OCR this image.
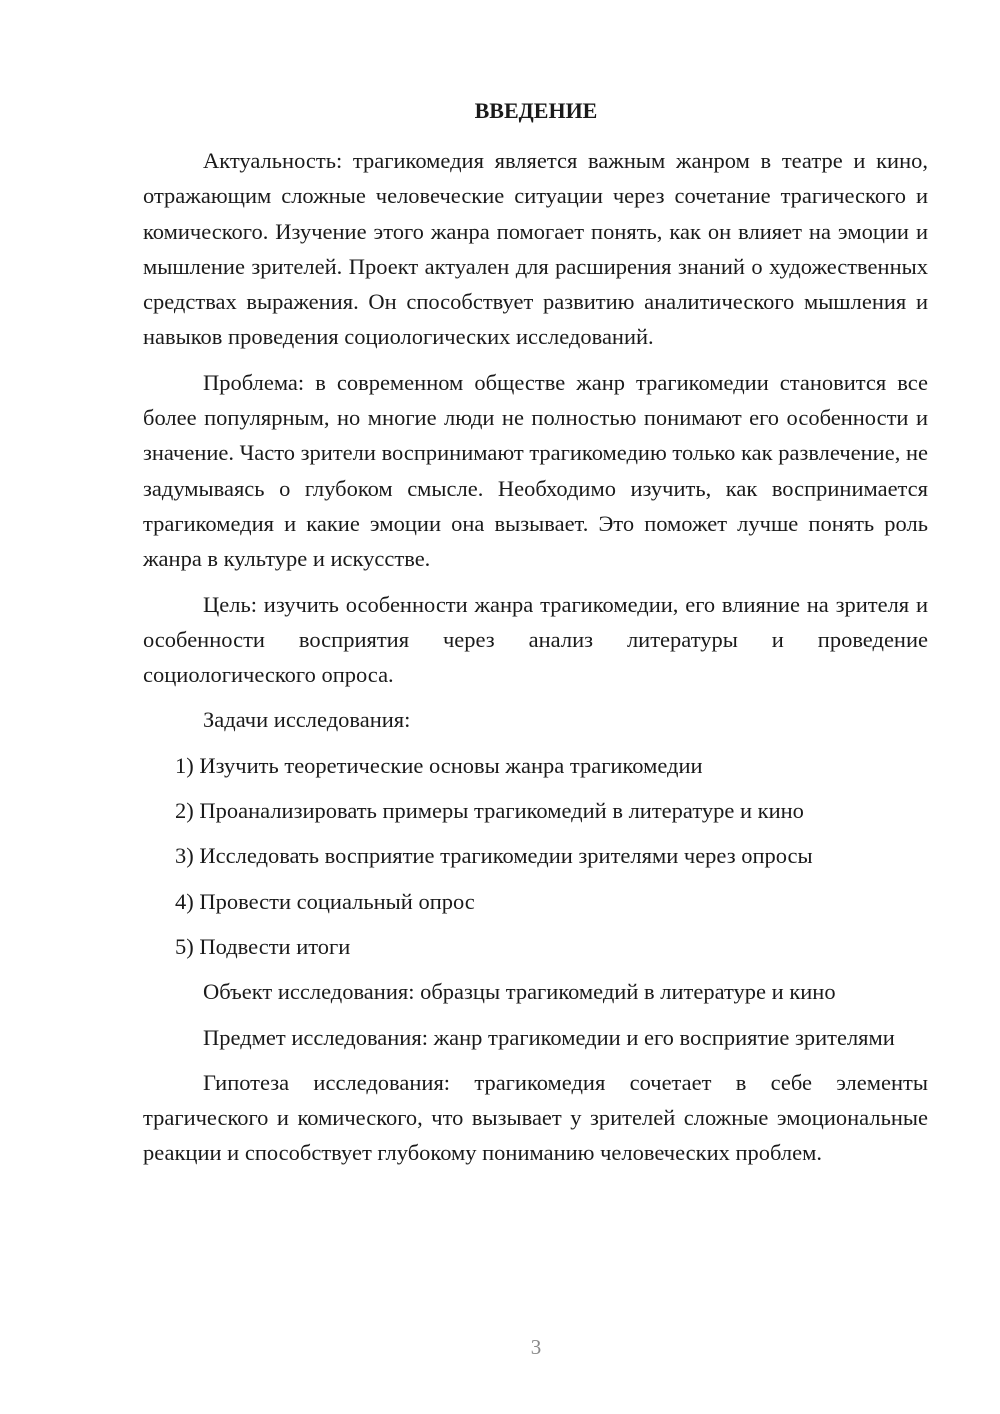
ВВЕДЕНИЕ

Актуальность: трагикомедия является важным жанром в театре и кино, отражающим сложные человеческие ситуации через сочетание трагического и комического. Изучение этого жанра помогает понять, как он влияет на эмоции и мышление зрителей. Проект актуален для расширения знаний о художественных средствах выражения. Он способствует развитию аналитического мышления и навыков проведения социологических исследований.

Проблема: в современном обществе жанр трагикомедии становится все более популярным, но многие люди не полностью понимают его особенности и значение. Часто зрители воспринимают трагикомедию только как развлечение, не задумываясь о глубоком смысле. Необходимо изучить, как воспринимается трагикомедия и какие эмоции она вызывает. Это поможет лучше понять роль жанра в культуре и искусстве.

Цель: изучить особенности жанра трагикомедии, его влияние на зрителя и особенности восприятия через анализ литературы и проведение социологического опроса.

Задачи исследования:

1) Изучить теоретические основы жанра трагикомедии

2) Проанализировать примеры трагикомедий в литературе и кино

3) Исследовать восприятие трагикомедии зрителями через опросы

4) Провести социальный опрос

5) Подвести итоги

Объект исследования: образцы трагикомедий в литературе и кино

Предмет исследования: жанр трагикомедии и его восприятие зрителями

Гипотеза исследования: трагикомедия сочетает в себе элементы трагического и комического, что вызывает у зрителей сложные эмоциональные реакции и способствует глубокому пониманию человеческих проблем.

3
